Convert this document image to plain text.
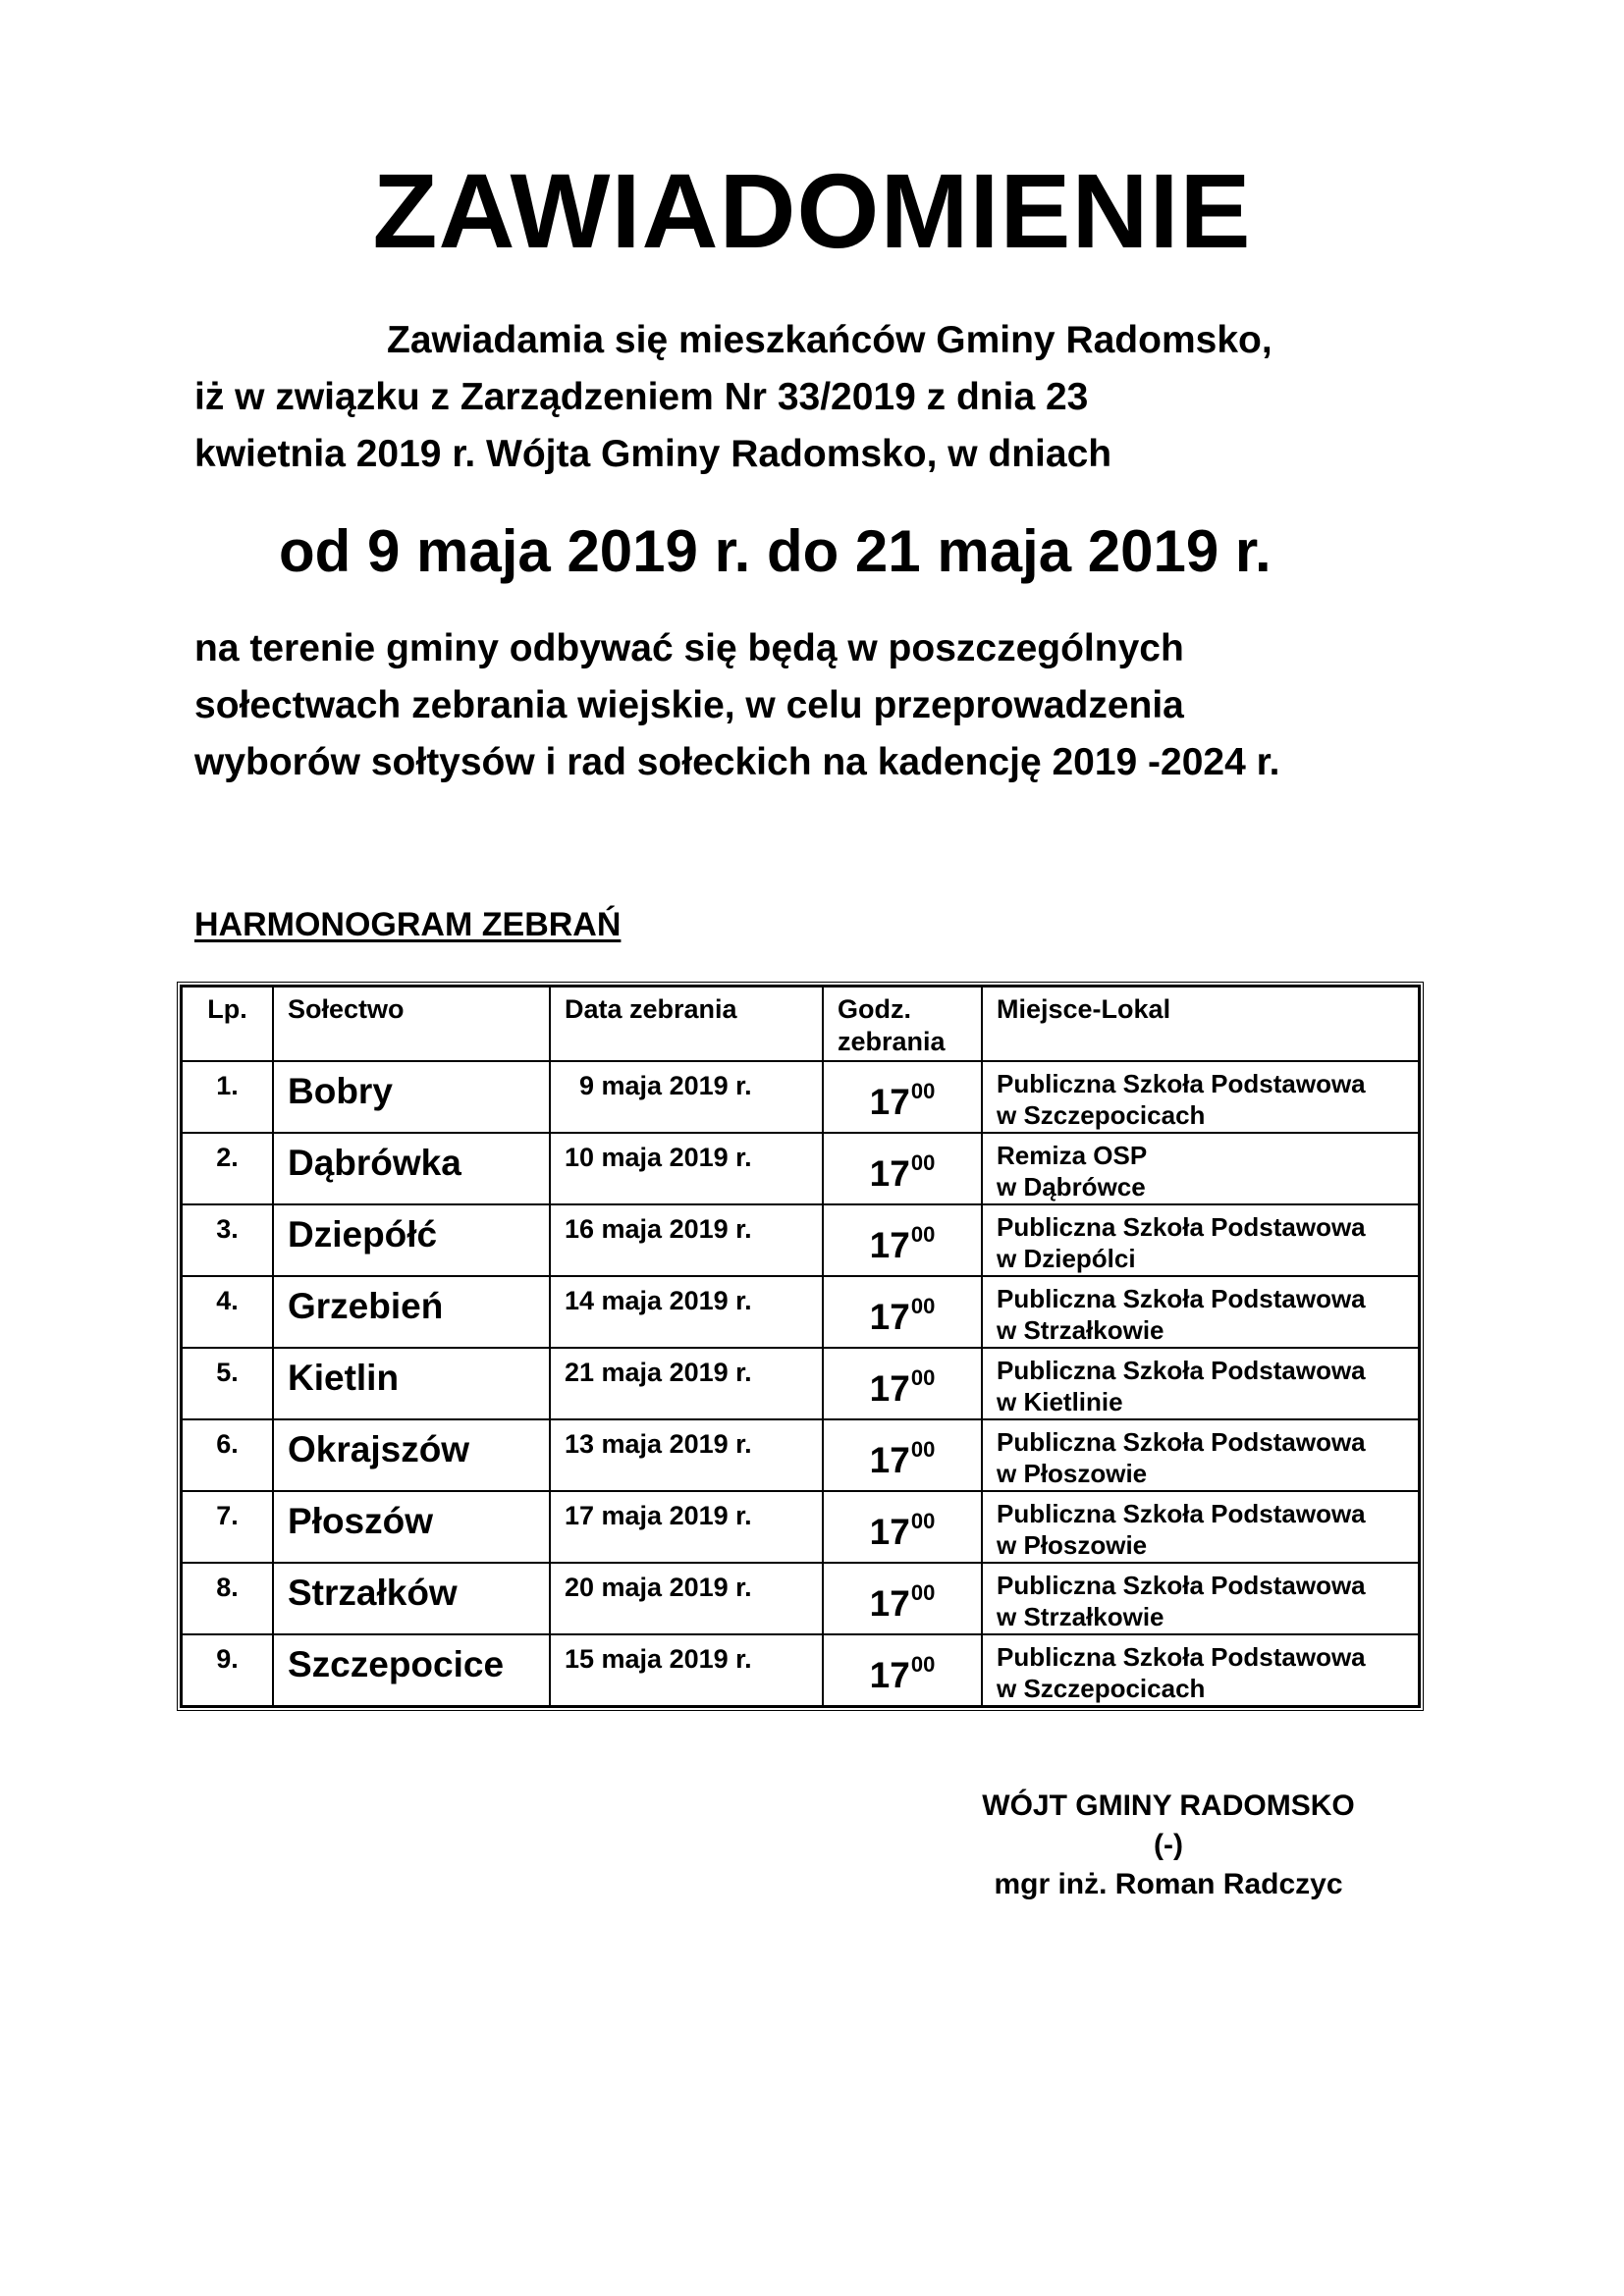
ZAWIADOMIENIE
Zawiadamia się mieszkańców Gminy Radomsko,
iż w związku z Zarządzeniem Nr 33/2019 z dnia 23
kwietnia 2019 r. Wójta Gminy Radomsko, w dniach
od 9 maja 2019 r. do 21 maja 2019 r.
na terenie gminy odbywać się będą w poszczególnych
sołectwach zebrania wiejskie, w celu przeprowadzenia
wyborów sołtysów i rad sołeckich na kadencję 2019 -2024 r.
HARMONOGRAM ZEBRAŃ
Lp.	Sołectwo	Data zebrania	Godz.
zebrania	Miejsce-Lokal
1.	Bobry	9 maja 2019 r.	$17^{00}$	Publiczna Szkoła Podstawowa
w Szczepocicach

2.	Dąbrówka	10 maja 2019 r.	$17^{00}$	Remiza OSP
w Dąbrówce

3.	Dziepółć	16 maja 2019 r.	$17^{00}$	Publiczna Szkoła Podstawowa
w Dziepólci

4.	Grzebień	14 maja 2019 r.	$17^{00}$	Publiczna Szkoła Podstawowa
w Strzałkowie

5.	Kietlin	21 maja 2019 r.	$17^{00}$	Publiczna Szkoła Podstawowa
w Kietlinie

6.	Okrajszów	13 maja 2019 r.	$17^{00}$	Publiczna Szkoła Podstawowa
w Płoszowie

7.	Płoszów	17 maja 2019 r.	$17^{00}$	Publiczna Szkoła Podstawowa
w Płoszowie

8.	Strzałków	20 maja 2019 r.	$17^{00}$	Publiczna Szkoła Podstawowa
w Strzałkowie

9.	Szczepocice	15 maja 2019 r.	$17^{00}$	Publiczna Szkoła Podstawowa
w Szczepocicach
WÓJT GMINY RADOMSKO
(-)
mgr inż. Roman Radczyc
